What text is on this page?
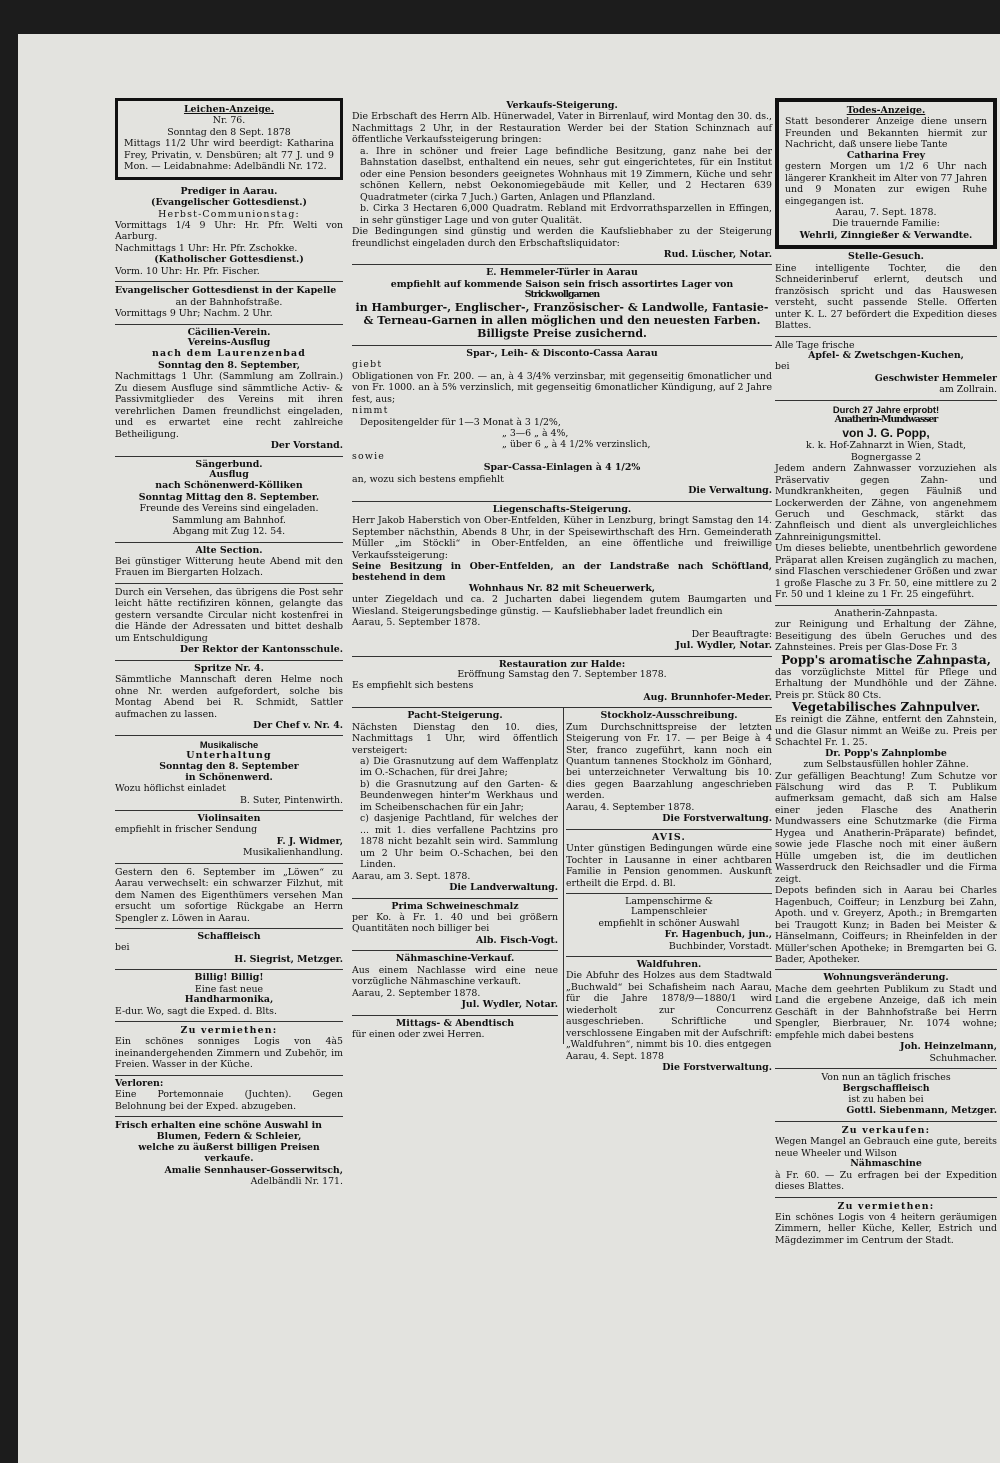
Leichen-Anzeige.

Nr. 76.

Sonntag den 8 Sept. 1878

Mittags 11/2 Uhr wird beerdigt: Katharina Frey, Privatin, v. Densbüren; alt 77 J. und 9 Mon. — Leidabnahme: Adelbändli Nr. 172.

Prediger in Aarau.

(Evangelischer Gottesdienst.)

Herbst-Communionstag:

Vormittags 1/4 9 Uhr: Hr. Pfr. Welti von Aarburg.

Nachmittags 1 Uhr: Hr. Pfr. Zschokke.

(Katholischer Gottesdienst.)

Vorm. 10 Uhr: Hr. Pfr. Fischer.

Evangelischer Gottesdienst in der Kapelle

an der Bahnhofstraße.

Vormittags 9 Uhr; Nachm. 2 Uhr.

Cäcilien-Verein.

Vereins-Ausflug

nach dem Laurenzenbad

Sonntag den 8. September,

Nachmittags 1 Uhr. (Sammlung am Zollrain.) Zu diesem Ausfluge sind sämmtliche Activ- & Passivmitglieder des Vereins mit ihren verehrlichen Damen freundlichst eingeladen, und es erwartet eine recht zahlreiche Betheiligung.

Der Vorstand.

Sängerbund.

Ausflug

nach Schönenwerd-Kölliken

Sonntag Mittag den 8. September.

Freunde des Vereins sind eingeladen.

Sammlung am Bahnhof.

Abgang mit Zug 12. 54.

Alte Section.

Bei günstiger Witterung heute Abend mit den Frauen im Biergarten Holzach.

Durch ein Versehen, das übrigens die Post sehr leicht hätte rectifiziren können, gelangte das gestern versandte Circular nicht kostenfrei in die Hände der Adressaten und bittet deshalb um Entschuldigung

Der Rektor der Kantonsschule.

Spritze Nr. 4.

Sämmtliche Mannschaft deren Helme noch ohne Nr. werden aufgefordert, solche bis Montag Abend bei R. Schmidt, Sattler aufmachen zu lassen.

Der Chef v. Nr. 4.

Musikalische

Unterhaltung

Sonntag den 8. September

in Schönenwerd.

Wozu höflichst einladet

B. Suter, Pintenwirth.

Violinsaiten

empfiehlt in frischer Sendung

F. J. Widmer,

Musikalienhandlung.

Gestern den 6. September im „Löwen“ zu Aarau verwechselt: ein schwarzer Filzhut, mit dem Namen des Eigenthümers versehen Man ersucht um sofortige Rückgabe an Herrn Spengler z. Löwen in Aarau.

Schaffleisch

bei

H. Siegrist, Metzger.

Billig! Billig!

Eine fast neue

Handharmonika,

E-dur. Wo, sagt die Exped. d. Blts.

Zu vermiethen:

Ein schönes sonniges Logis von 4à5 ineinandergehenden Zimmern und Zubehör, im Freien. Wasser in der Küche.

Verloren:

Eine Portemonnaie (Juchten). Gegen Belohnung bei der Exped. abzugeben.

Frisch erhalten eine schöne Auswahl in

Blumen, Federn & Schleier,

welche zu äußerst billigen Preisen verkaufe.

Amalie Sennhauser-Gosserwitsch,

Adelbändli Nr. 171.

Verkaufs-Steigerung.

Die Erbschaft des Herrn Alb. Hünerwadel, Vater in Birrenlauf, wird Montag den 30. ds., Nachmittags 2 Uhr, in der Restauration Werder bei der Station Schinznach auf öffentliche Verkaufssteigerung bringen:

a. Ihre in schöner und freier Lage befindliche Besitzung, ganz nahe bei der Bahnstation daselbst, enthaltend ein neues, sehr gut eingerichtetes, für ein Institut oder eine Pension besonders geeignetes Wohnhaus mit 19 Zimmern, Küche und sehr schönen Kellern, nebst Oekonomiegebäude mit Keller, und 2 Hectaren 639 Quadratmeter (cirka 7 Juch.) Garten, Anlagen und Pflanzland.

b. Cirka 3 Hectaren 6,000 Quadratm. Rebland mit Erdvorrathsparzellen in Effingen, in sehr günstiger Lage und von guter Qualität.

Die Bedingungen sind günstig und werden die Kaufsliebhaber zu der Steigerung freundlichst eingeladen durch den Erbschaftsliquidator:

Rud. Lüscher, Notar.

E. Hemmeler-Türler in Aarau

empfiehlt auf kommende Saison sein frisch assortirtes Lager von

Strickwollgarnen

in Hamburger-, Englischer-, Französischer- & Landwolle, Fantasie- & Terneau-Garnen in allen möglichen und den neuesten Farben.

Billigste Preise zusichernd.

Spar-, Leih- & Disconto-Cassa Aarau

giebt

Obligationen von Fr. 200. — an, à 4 3/4% verzinsbar, mit gegenseitig 6monatlicher und von Fr. 1000. an à 5% verzinslich, mit gegenseitig 6monatlicher Kündigung, auf 2 Jahre fest, aus;

nimmt

Depositengelder für 1—3 Monat à 3 1/2%,

„ 3—6 „ à 4%,

„ über 6 „ à 4 1/2% verzinslich,

sowie

Spar-Cassa-Einlagen à 4 1/2%

an, wozu sich bestens empfiehlt

Die Verwaltung.

Liegenschafts-Steigerung.

Herr Jakob Haberstich von Ober-Entfelden, Küher in Lenzburg, bringt Samstag den 14. September nächsthin, Abends 8 Uhr, in der Speisewirthschaft des Hrn. Gemeinderath Müller „im Stöckli“ in Ober-Entfelden, an eine öffentliche und freiwillige Verkaufssteigerung:

Seine Besitzung in Ober-Entfelden, an der Landstraße nach Schöftland, bestehend in dem

Wohnhaus Nr. 82 mit Scheuerwerk,

unter Ziegeldach und ca. 2 Jucharten dabei liegendem gutem Baumgarten und Wiesland. Steigerungsbedinge günstig. — Kaufsliebhaber ladet freundlich ein

Aarau, 5. September 1878.

Der Beauftragte:

Jul. Wydler, Notar.

Restauration zur Halde:

Eröffnung Samstag den 7. September 1878.

Es empfiehlt sich bestens

Aug. Brunnhofer-Meder.

Pacht-Steigerung.

Nächsten Dienstag den 10. dies, Nachmittags 1 Uhr, wird öffentlich versteigert:

a) Die Grasnutzung auf dem Waffenplatz im O.-Schachen, für drei Jahre;

b) die Grasnutzung auf den Garten- & Beundenwegen hinter'm Werkhaus und im Scheibenschachen für ein Jahr;

c) dasjenige Pachtland, für welches der ... mit 1. dies verfallene Pachtzins pro 1878 nicht bezahlt sein wird. Sammlung um 2 Uhr beim O.-Schachen, bei den Linden.

Aarau, am 3. Sept. 1878.

Die Landverwaltung.

Prima Schweineschmalz

per Ko. à Fr. 1. 40 und bei größern Quantitäten noch billiger bei

Alb. Fisch-Vogt.

Nähmaschine-Verkauf.

Aus einem Nachlasse wird eine neue vorzügliche Nähmaschine verkauft.

Aarau, 2. September 1878.

Jul. Wydler, Notar.

Mittags- & Abendtisch

für einen oder zwei Herren.

Stockholz-Ausschreibung.

Zum Durchschnittspreise der letzten Steigerung von Fr. 17. — per Beige à 4 Ster, franco zugeführt, kann noch ein Quantum tannenes Stockholz im Gönhard, bei unterzeichneter Verwaltung bis 10. dies gegen Baarzahlung angeschrieben werden.

Aarau, 4. September 1878.

Die Forstverwaltung.

AVIS.

Unter günstigen Bedingungen würde eine Tochter in Lausanne in einer achtbaren Familie in Pension genommen. Auskunft ertheilt die Erpd. d. Bl.

Lampenschirme &

Lampenschleier

empfiehlt in schöner Auswahl

Fr. Hagenbuch, jun.,

Buchbinder, Vorstadt.

Waldfuhren.

Die Abfuhr des Holzes aus dem Stadtwald „Buchwald“ bei Schafisheim nach Aarau, für die Jahre 1878/9—1880/1 wird wiederholt zur Concurrenz ausgeschrieben. Schriftliche und verschlossene Eingaben mit der Aufschrift: „Waldfuhren“, nimmt bis 10. dies entgegen

Aarau, 4. Sept. 1878

Die Forstverwaltung.

Todes-Anzeige.

Statt besonderer Anzeige diene unsern Freunden und Bekannten hiermit zur Nachricht, daß unsere liebe Tante

Catharina Frey

gestern Morgen um 1/2 6 Uhr nach längerer Krankheit im Alter von 77 Jahren und 9 Monaten zur ewigen Ruhe eingegangen ist.

Aarau, 7. Sept. 1878.

Die trauernde Familie:

Wehrli, Zinngießer & Verwandte.

Stelle-Gesuch.

Eine intelligente Tochter, die den Schneiderinberuf erlernt, deutsch und französisch spricht und das Hauswesen versteht, sucht passende Stelle. Offerten unter K. L. 27 befördert die Expedition dieses Blattes.

Alle Tage frische

Apfel- & Zwetschgen-Kuchen,

bei

Geschwister Hemmeler

am Zollrain.

Durch 27 Jahre erprobt!

Anatherin-Mundwasser

von J. G. Popp,

k. k. Hof-Zahnarzt in Wien, Stadt, Bognergasse 2

Jedem andern Zahnwasser vorzuziehen als Präservativ gegen Zahn- und Mundkrankheiten, gegen Fäulniß und Lockerwerden der Zähne, von angenehmem Geruch und Geschmack, stärkt das Zahnfleisch und dient als unvergleichliches Zahnreinigungsmittel.

Um dieses beliebte, unentbehrlich gewordene Präparat allen Kreisen zugänglich zu machen, sind Flaschen verschiedener Größen und zwar 1 große Flasche zu 3 Fr. 50, eine mittlere zu 2 Fr. 50 und 1 kleine zu 1 Fr. 25 eingeführt.

Anatherin-Zahnpasta.

zur Reinigung und Erhaltung der Zähne, Beseitigung des übeln Geruches und des Zahnsteines. Preis per Glas-Dose Fr. 3

Popp's aromatische Zahnpasta,

das vorzüglichste Mittel für Pflege und Erhaltung der Mundhöhle und der Zähne. Preis pr. Stück 80 Cts.

Vegetabilisches Zahnpulver.

Es reinigt die Zähne, entfernt den Zahnstein, und die Glasur nimmt an Weiße zu. Preis per Schachtel Fr. 1. 25.

Dr. Popp's Zahnplombe

zum Selbstausfüllen hohler Zähne.

Zur gefälligen Beachtung! Zum Schutze vor Fälschung wird das P. T. Publikum aufmerksam gemacht, daß sich am Halse einer jeden Flasche des Anatherin Mundwassers eine Schutzmarke (die Firma Hygea und Anatherin-Präparate) befindet, sowie jede Flasche noch mit einer äußern Hülle umgeben ist, die im deutlichen Wasserdruck den Reichsadler und die Firma zeigt.

Depots befinden sich in Aarau bei Charles Hagenbuch, Coiffeur; in Lenzburg bei Zahn, Apoth. und v. Greyerz, Apoth.; in Bremgarten bei Traugott Kunz; in Baden bei Meister & Hänselmann, Coiffeurs; in Rheinfelden in der Müller'schen Apotheke; in Bremgarten bei G. Bader, Apotheker.

Wohnungsveränderung.

Mache dem geehrten Publikum zu Stadt und Land die ergebene Anzeige, daß ich mein Geschäft in der Bahnhofstraße bei Herrn Spengler, Bierbrauer, Nr. 1074 wohne; empfehle mich dabei bestens

Joh. Heinzelmann,

Schuhmacher.

Von nun an täglich frisches

Bergschaffleisch

ist zu haben bei

Gottl. Siebenmann, Metzger.

Zu verkaufen:

Wegen Mangel an Gebrauch eine gute, bereits neue Wheeler und Wilson

Nähmaschine

à Fr. 60. — Zu erfragen bei der Expedition dieses Blattes.

Zu vermiethen:

Ein schönes Logis von 4 heitern geräumigen Zimmern, heller Küche, Keller, Estrich und Mägdezimmer im Centrum der Stadt.
